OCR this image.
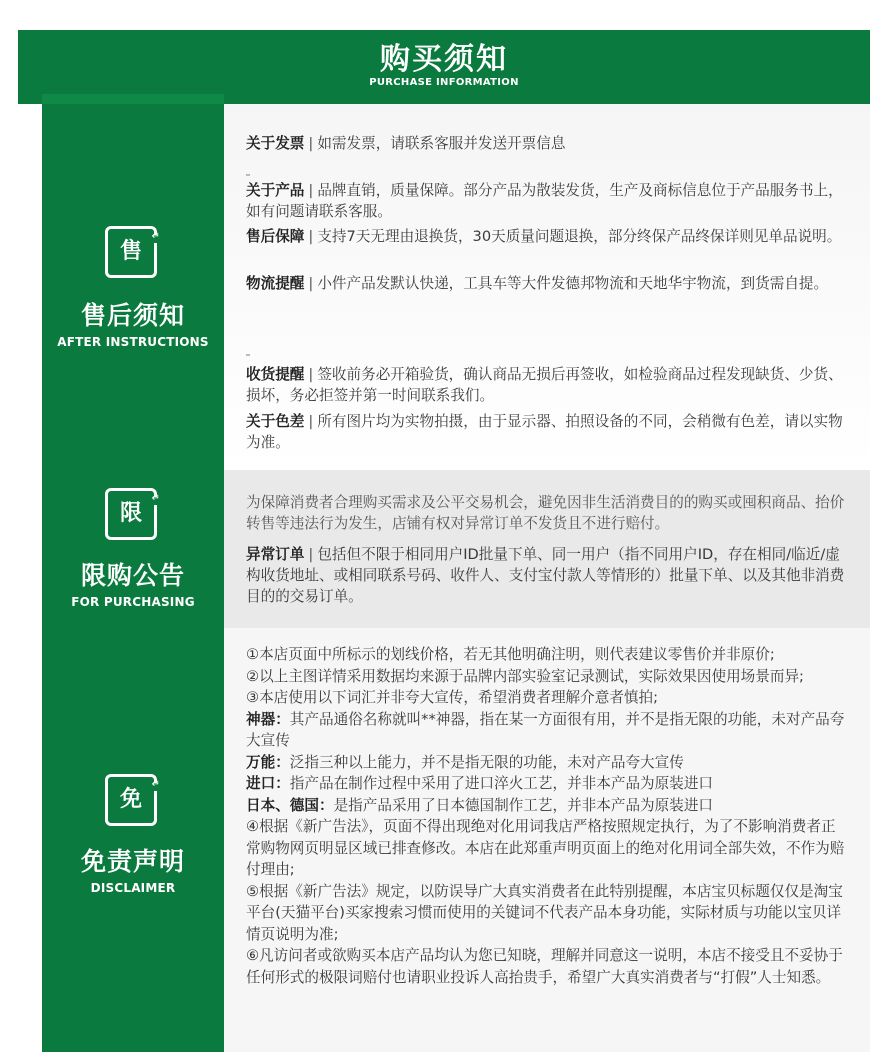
购买须知
PURCHASE INFORMATION
售
↵
售后须知
AFTER INSTRUCTIONS
关于发票 | 如需发票，请联系客服并发送开票信息
关于产品 | 品牌直销，质量保障。部分产品为散装发货，生产及商标信息位于产品服务书上，如有问题请联系客服。
售后保障 | 支持7天无理由退换货，30天质量问题退换，部分终保产品终保详则见单品说明。
物流提醒 | 小件产品发默认快递，工具车等大件发德邦物流和天地华宇物流，到货需自提。
收货提醒 | 签收前务必开箱验货，确认商品无损后再签收，如检验商品过程发现缺货、少货、损坏，务必拒签并第一时间联系我们。
关于色差 | 所有图片均为实物拍摄，由于显示器、拍照设备的不同，会稍微有色差，请以实物为准。
限
↵
限购公告
FOR PURCHASING
为保障消费者合理购买需求及公平交易机会，避免因非生活消费目的的购买或囤积商品、抬价转售等违法行为发生，店铺有权对异常订单不发货且不进行赔付。
异常订单 | 包括但不限于相同用户ID批量下单、同一用户（指不同用户ID，存在相同/临近/虚构收货地址、或相同联系号码、收件人、支付宝付款人等情形的）批量下单、以及其他非消费目的的交易订单。
免
↵
免责声明
DISCLAIMER
①本店页面中所标示的划线价格，若无其他明确注明，则代表建议零售价并非原价;
②以上主图详情采用数据均来源于品牌内部实验室记录测试，实际效果因使用场景而异;
③本店使用以下词汇并非夸大宣传，希望消费者理解介意者慎拍;
神器：其产品通俗名称就叫**神器，指在某一方面很有用，并不是指无限的功能，未对产品夸大宣传
万能：泛指三种以上能力，并不是指无限的功能，未对产品夸大宣传
进口：指产品在制作过程中采用了进口淬火工艺，并非本产品为原装进口
日本、德国：是指产品采用了日本德国制作工艺，并非本产品为原装进口
④根据《新广告法》，页面不得出现绝对化用词我店严格按照规定执行，为了不影响消费者正常购物网页明显区域已排查修改。本店在此郑重声明页面上的绝对化用词全部失效，不作为赔付理由;
⑤根据《新广告法》规定，以防误导广大真实消费者在此特别提醒，本店宝贝标题仅仅是淘宝平台(天猫平台)买家搜索习惯而使用的关键词不代表产品本身功能，实际材质与功能以宝贝详情页说明为准;
⑥凡访问者或欲购买本店产品均认为您已知晓，理解并同意这一说明，本店不接受且不妥协于任何形式的极限词赔付也请职业投诉人高抬贵手，希望广大真实消费者与“打假”人士知悉。
